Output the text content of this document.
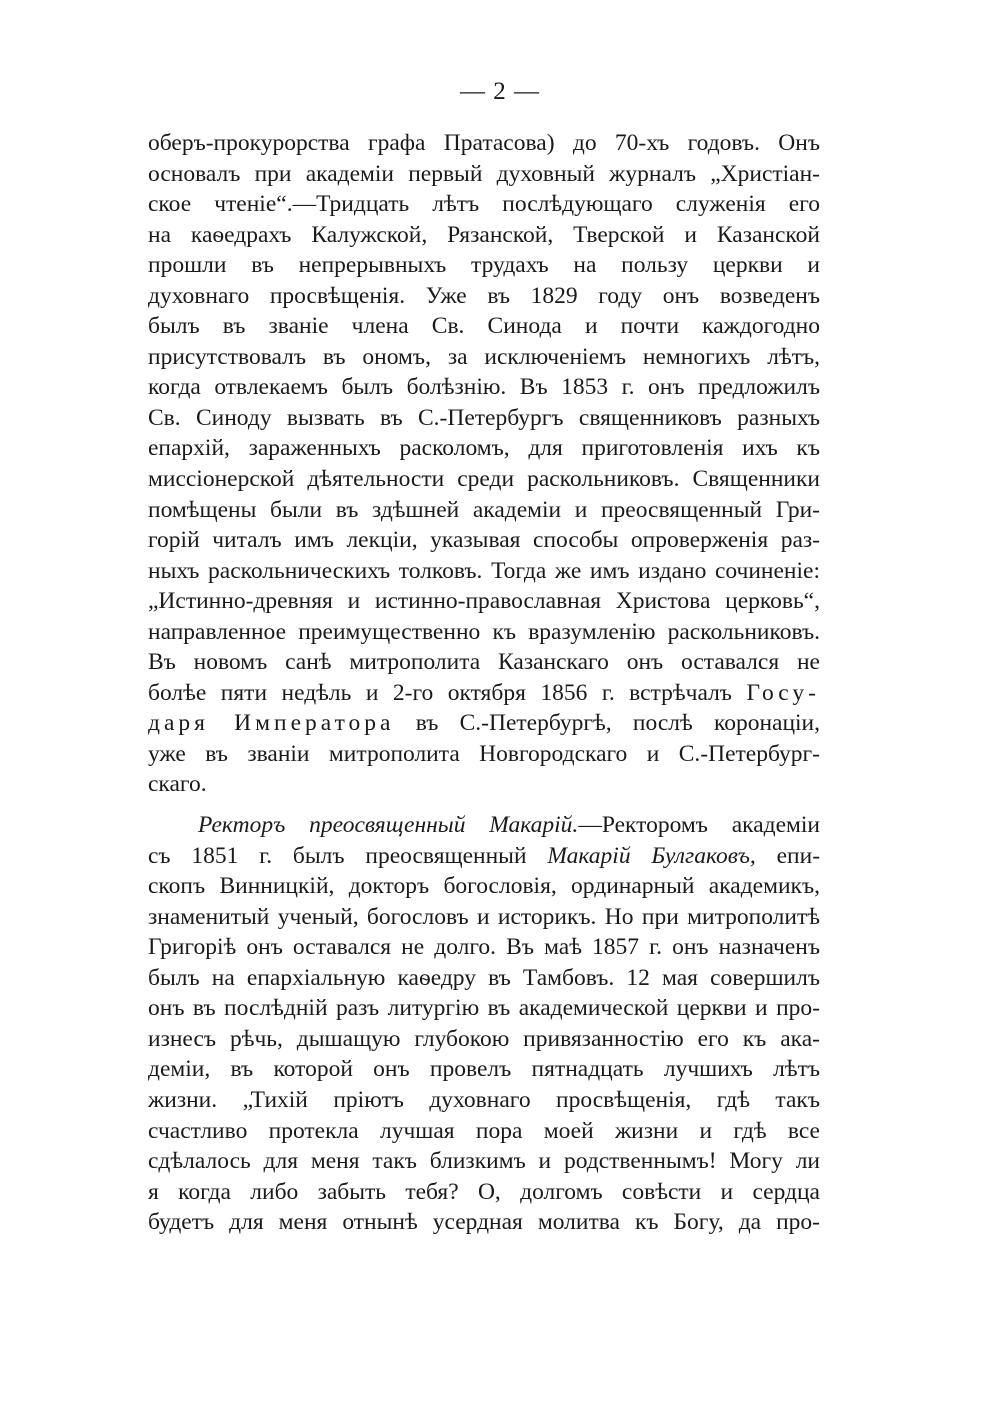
— 2 —
оберъ-прокурорства графа Пратасова) до 70-хъ годовъ. Онъ
основалъ при академіи первый духовный журналъ „Христіан-
ское чтеніе“.—Тридцать лѣтъ послѣдующаго служенія его
на каѳедрахъ Калужской, Рязанской, Тверской и Казанской
прошли въ непрерывныхъ трудахъ на пользу церкви и
духовнаго просвѣщенія. Уже въ 1829 году онъ возведенъ
былъ въ званіе члена Св. Синода и почти каждогодно
присутствовалъ въ ономъ, за исключеніемъ немногихъ лѣтъ,
когда отвлекаемъ былъ болѣзнію. Въ 1853 г. онъ предложилъ
Св. Синоду вызвать въ С.-Петербургъ священниковъ разныхъ
епархій, зараженныхъ расколомъ, для приготовленія ихъ къ
миссіонерской дѣятельности среди раскольниковъ. Священники
помѣщены были въ здѣшней академіи и преосвященный Гри-
горій читалъ имъ лекціи, указывая способы опроверженія раз-
ныхъ раскольническихъ толковъ. Тогда же имъ издано сочиненіе:
„Истинно-древняя и истинно-православная Христова церковь“,
направленное преимущественно къ вразумленію раскольниковъ.
Въ новомъ санѣ митрополита Казанскаго онъ оставался не
болѣе пяти недѣль и 2-го октября 1856 г. встрѣчалъ Госу-
даря Императора въ С.-Петербургѣ, послѣ коронаціи,
уже въ званіи митрополита Новгородскаго и С.-Петербург-
скаго.
Ректоръ преосвященный Макарій.—Ректоромъ академіи
съ 1851 г. былъ преосвященный Макарій Булгаковъ, епи-
скопъ Винницкій, докторъ богословія, ординарный академикъ,
знаменитый ученый, богословъ и историкъ. Но при митрополитѣ
Григоріѣ онъ оставался не долго. Въ маѣ 1857 г. онъ назначенъ
былъ на епархіальную каѳедру въ Тамбовъ. 12 мая совершилъ
онъ въ послѣдній разъ литургію въ академической церкви и про-
изнесъ рѣчь, дышащую глубокою привязанностію его къ ака-
деміи, въ которой онъ провелъ пятнадцать лучшихъ лѣтъ
жизни. „Тихій пріютъ духовнаго просвѣщенія, гдѣ такъ
счастливо протекла лучшая пора моей жизни и гдѣ все
сдѣлалось для меня такъ близкимъ и родственнымъ! Могу ли
я когда либо забыть тебя? О, долгомъ совѣсти и сердца
будетъ для меня отнынѣ усердная молитва къ Богу, да про-
